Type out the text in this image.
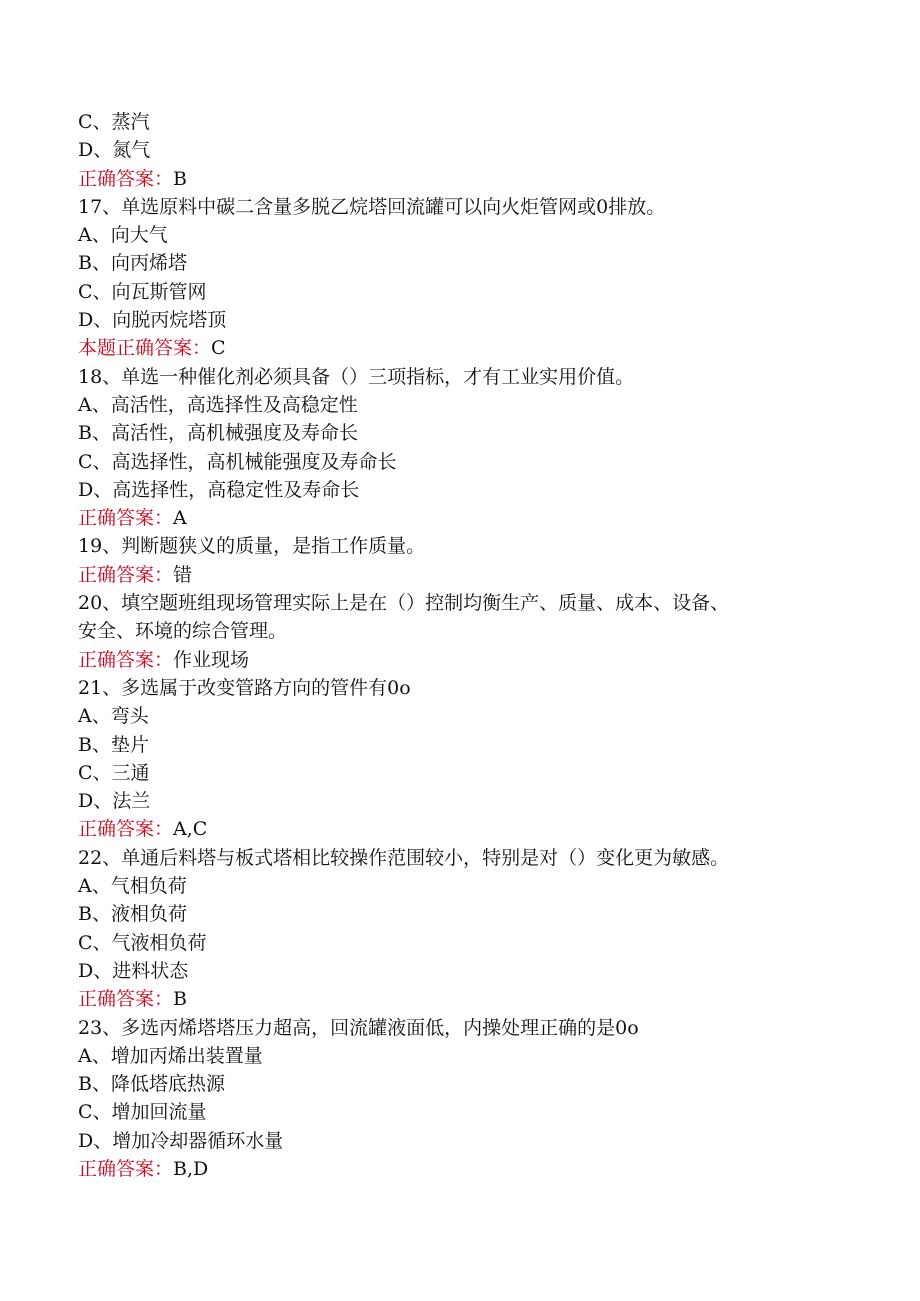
C、蒸汽
D、氮气
正确答案：B
17、单选原料中碳二含量多脱乙烷塔回流罐可以向火炬管网或0排放。
A、向大气
B、向丙烯塔
C、向瓦斯管网
D、向脱丙烷塔顶
本题正确答案：C
18、单选一种催化剂必须具备（）三项指标，才有工业实用价值。
A、高活性，高选择性及高稳定性
B、高活性，高机械强度及寿命长
C、高选择性，高机械能强度及寿命长
D、高选择性，高稳定性及寿命长
正确答案：A
19、判断题狭义的质量，是指工作质量。
正确答案：错
20、填空题班组现场管理实际上是在（）控制均衡生产、质量、成本、设备、
安全、环境的综合管理。
正确答案：作业现场
21、多选属于改变管路方向的管件有0o
A、弯头
B、垫片
C、三通
D、法兰
正确答案：A,C
22、单通后料塔与板式塔相比较操作范围较小，特别是对（）变化更为敏感。
A、气相负荷
B、液相负荷
C、气液相负荷
D、进料状态
正确答案：B
23、多选丙烯塔塔压力超高，回流罐液面低，内操处理正确的是0o
A、增加丙烯出装置量
B、降低塔底热源
C、增加回流量
D、增加冷却器循环水量
正确答案：B,D
